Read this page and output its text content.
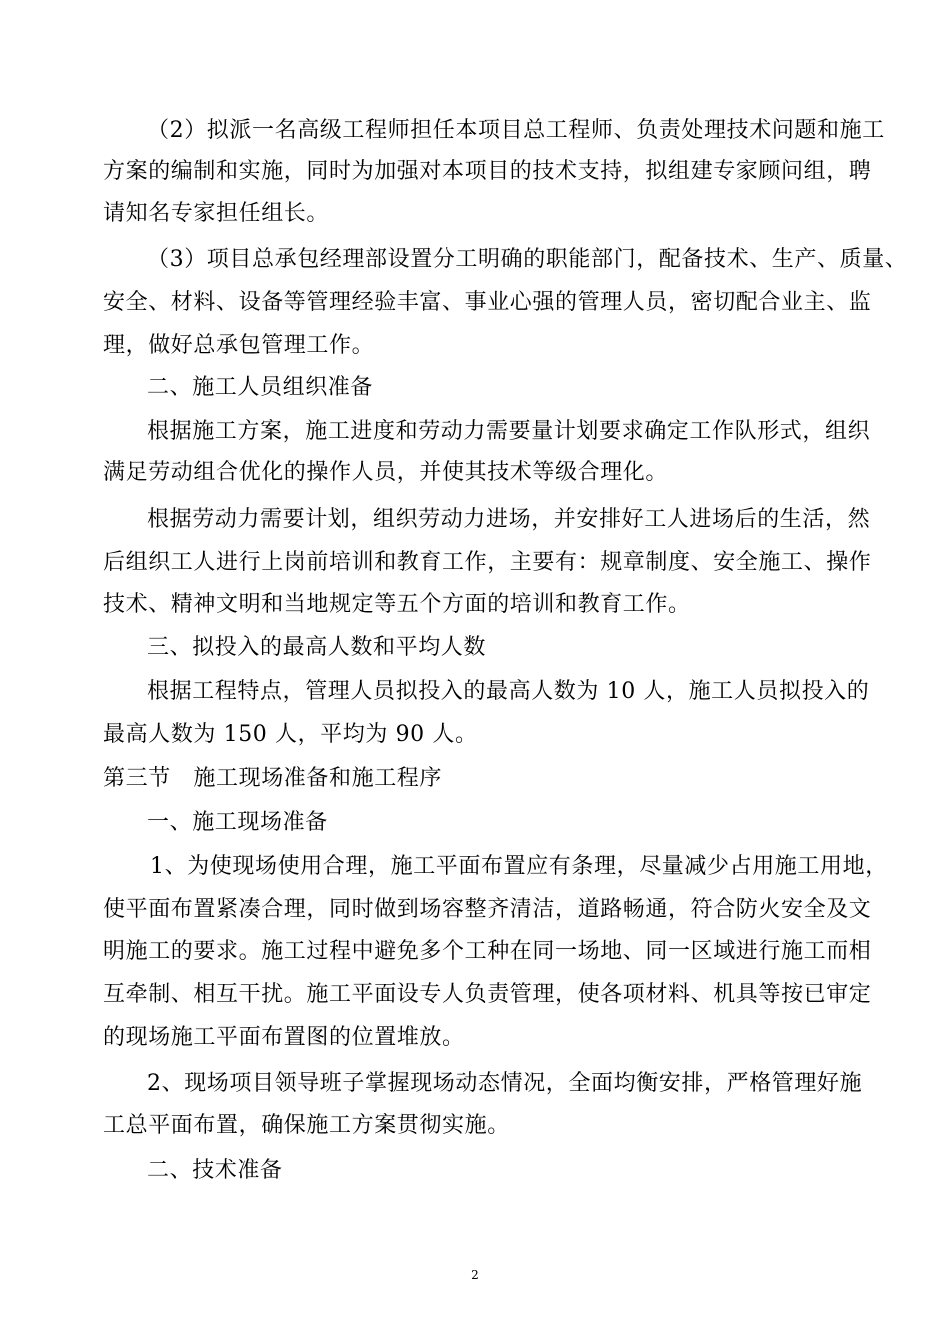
（2）拟派一名高级工程师担任本项目总工程师、负责处理技术问题和施工

方案的编制和实施，同时为加强对本项目的技术支持，拟组建专家顾问组，聘

请知名专家担任组长。

（3）项目总承包经理部设置分工明确的职能部门，配备技术、生产、质量、

安全、材料、设备等管理经验丰富、事业心强的管理人员，密切配合业主、监

理，做好总承包管理工作。

二、施工人员组织准备

根据施工方案，施工进度和劳动力需要量计划要求确定工作队形式，组织

满足劳动组合优化的操作人员，并使其技术等级合理化。

根据劳动力需要计划，组织劳动力进场，并安排好工人进场后的生活，然

后组织工人进行上岗前培训和教育工作，主要有：规章制度、安全施工、操作

技术、精神文明和当地规定等五个方面的培训和教育工作。

三、拟投入的最高人数和平均人数

根据工程特点，管理人员拟投入的最高人数为 10 人，施工人员拟投入的

最高人数为 150 人，平均为 90 人。

第三节　施工现场准备和施工程序

一、施工现场准备

1、为使现场使用合理，施工平面布置应有条理，尽量减少占用施工用地，

使平面布置紧凑合理，同时做到场容整齐清洁，道路畅通，符合防火安全及文

明施工的要求。施工过程中避免多个工种在同一场地、同一区域进行施工而相

互牵制、相互干扰。施工平面设专人负责管理，使各项材料、机具等按已审定

的现场施工平面布置图的位置堆放。

2、现场项目领导班子掌握现场动态情况，全面均衡安排，严格管理好施

工总平面布置，确保施工方案贯彻实施。

二、技术准备

2
